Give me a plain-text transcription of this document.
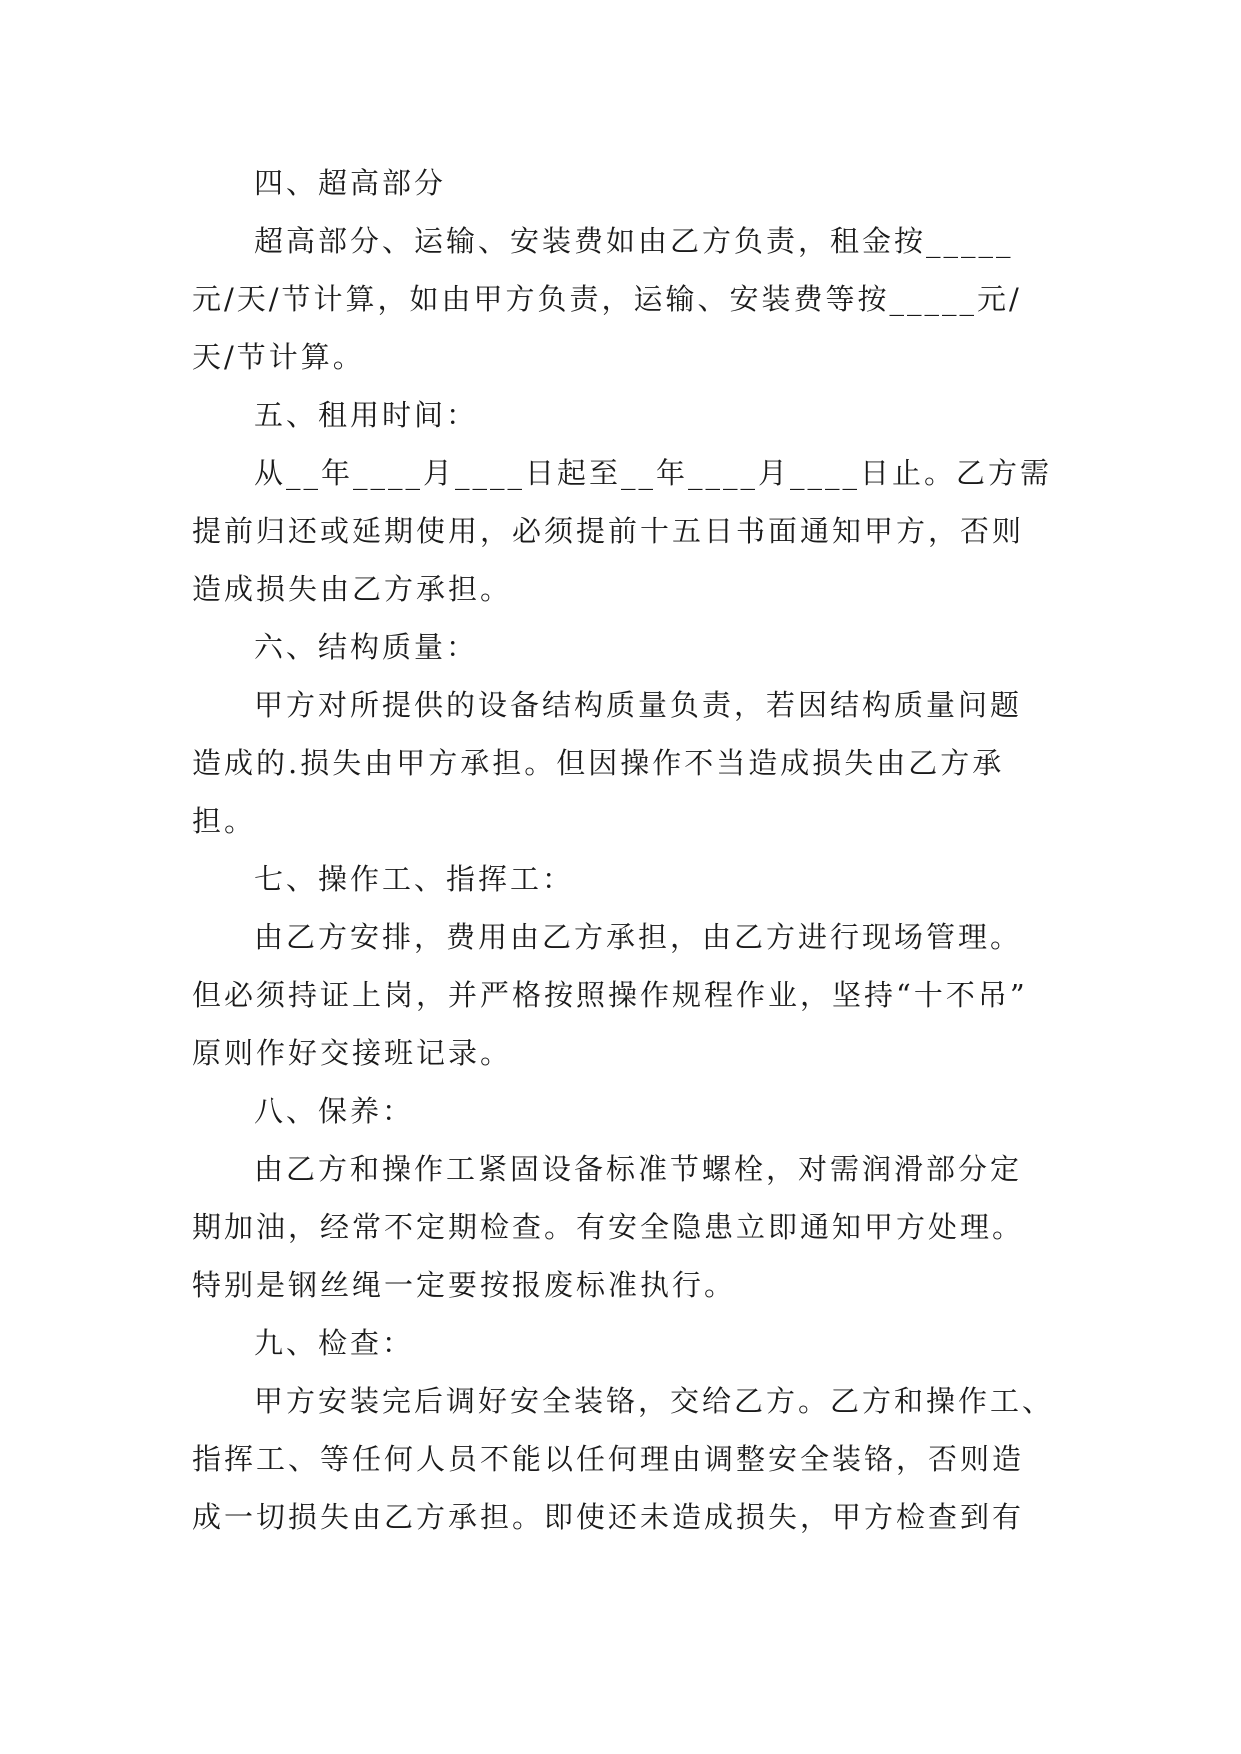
四、超高部分
超高部分、运输、安装费如由乙方负责，租金按_____
元/天/节计算，如由甲方负责，运输、安装费等按_____元/
天/节计算。
五、租用时间：
从__年____月____日起至__年____月____日止。乙方需
提前归还或延期使用，必须提前十五日书面通知甲方，否则
造成损失由乙方承担。
六、结构质量：
甲方对所提供的设备结构质量负责，若因结构质量问题
造成的.损失由甲方承担。但因操作不当造成损失由乙方承
担。
七、操作工、指挥工：
由乙方安排，费用由乙方承担，由乙方进行现场管理。
但必须持证上岗，并严格按照操作规程作业，坚持“十不吊”
原则作好交接班记录。
八、保养：
由乙方和操作工紧固设备标准节螺栓，对需润滑部分定
期加油，经常不定期检查。有安全隐患立即通知甲方处理。
特别是钢丝绳一定要按报废标准执行。
九、检查：
甲方安装完后调好安全装铬，交给乙方。乙方和操作工、
指挥工、等任何人员不能以任何理由调整安全装铬，否则造
成一切损失由乙方承担。即使还未造成损失，甲方检查到有
